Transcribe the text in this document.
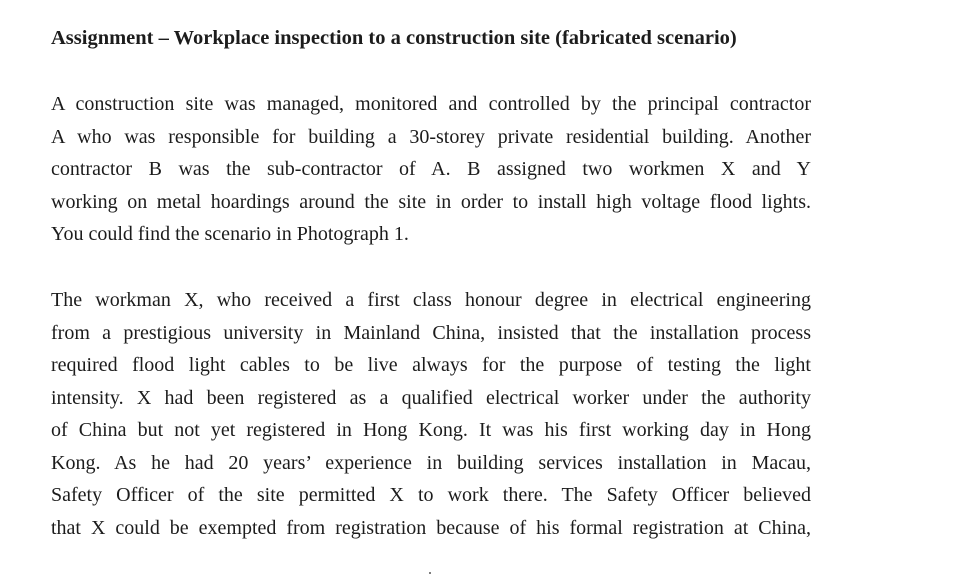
Assignment – Workplace inspection to a construction site (fabricated scenario)
A construction site was managed, monitored and controlled by the principal contractor
A who was responsible for building a 30-storey private residential building. Another
contractor B was the sub-contractor of A. B assigned two workmen X and Y
working on metal hoardings around the site in order to install high voltage flood lights.
You could find the scenario in Photograph 1.
The workman X, who received a first class honour degree in electrical engineering
from a prestigious university in Mainland China, insisted that the installation process
required flood light cables to be live always for the purpose of testing the light
intensity. X had been registered as a qualified electrical worker under the authority
of China but not yet registered in Hong Kong. It was his first working day in Hong
Kong. As he had 20 years’ experience in building services installation in Macau,
Safety Officer of the site permitted X to work there. The Safety Officer believed
that X could be exempted from registration because of his formal registration at China,
